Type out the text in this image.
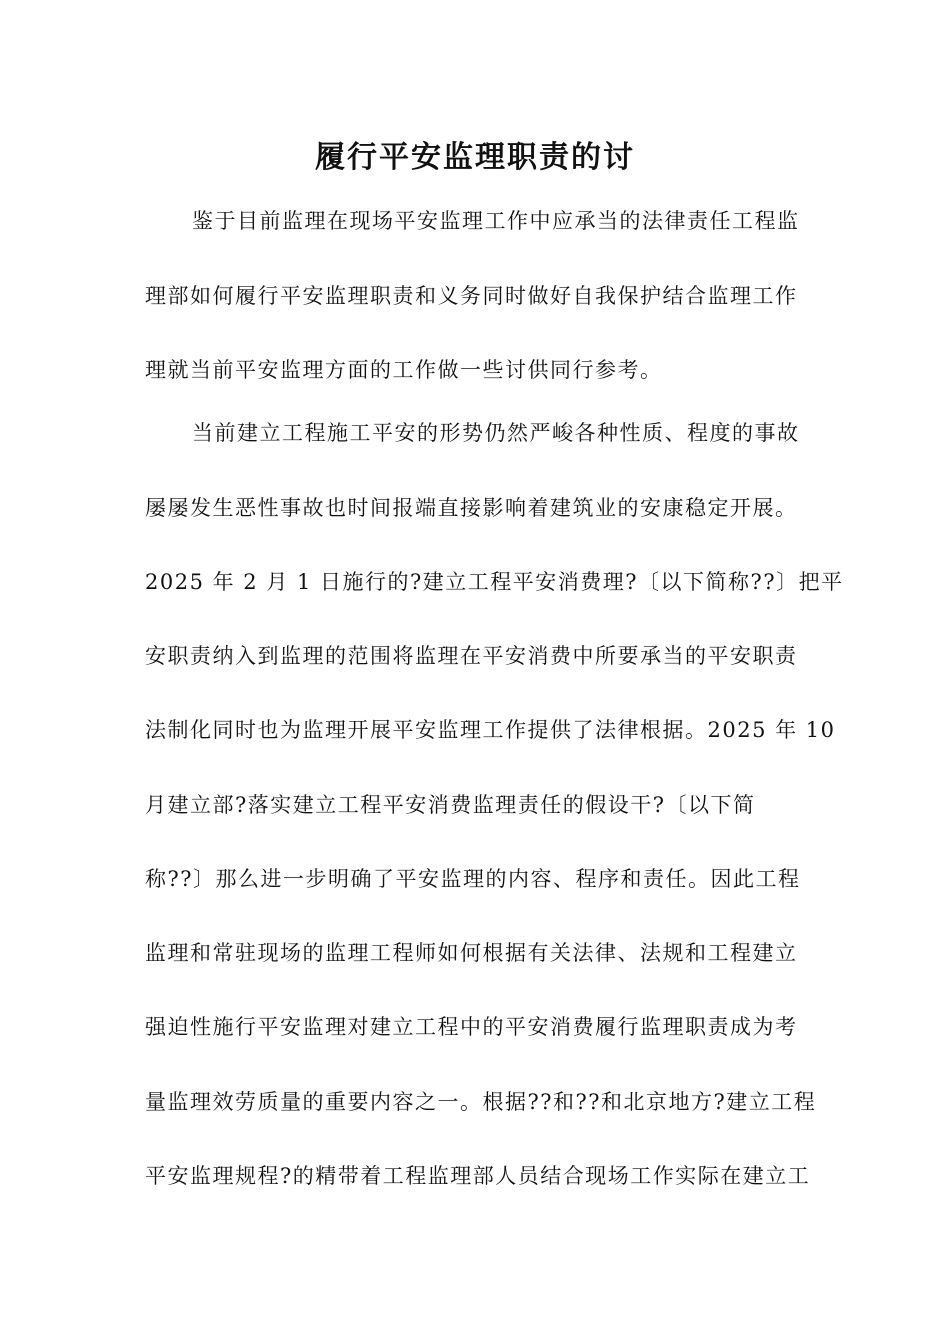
履行平安监理职责的讨
鉴于目前监理在现场平安监理工作中应承当的法律责任工程监
理部如何履行平安监理职责和义务同时做好自我保护结合监理工作
理就当前平安监理方面的工作做一些讨供同行参考。
当前建立工程施工平安的形势仍然严峻各种性质、程度的事故
屡屡发生恶性事故也时间报端直接影响着建筑业的安康稳定开展。
2025 年 2 月 1 日施行的?建立工程平安消费理?〔以下简称??〕把平
安职责纳入到监理的范围将监理在平安消费中所要承当的平安职责
法制化同时也为监理开展平安监理工作提供了法律根据。2025 年 10
月建立部?落实建立工程平安消费监理责任的假设干?〔以下简
称??〕那么进一步明确了平安监理的内容、程序和责任。因此工程
监理和常驻现场的监理工程师如何根据有关法律、法规和工程建立
强迫性施行平安监理对建立工程中的平安消费履行监理职责成为考
量监理效劳质量的重要内容之一。根据??和??和北京地方?建立工程
平安监理规程?的精带着工程监理部人员结合现场工作实际在建立工
